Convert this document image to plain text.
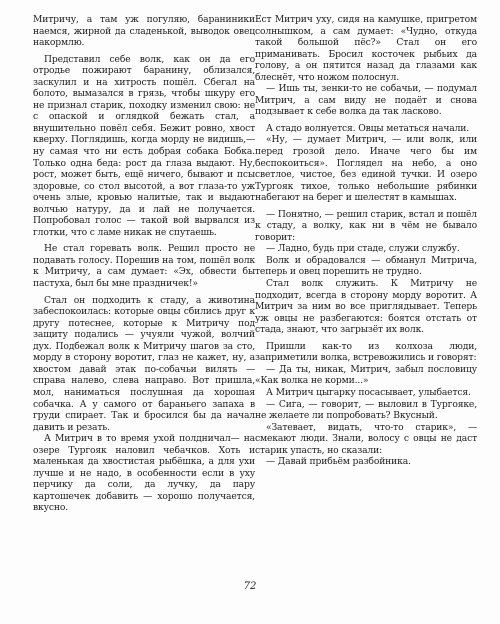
Митричу, а там уж погуляю, бараниники наемся, жирной да сладенькой, выводок овец накормлю.

Представил себе волк, как он да его отродье пожирают баранину, облизался, заскулил и на хитрость пошёл. Сбегал на болото, вымазался в грязь, чтобы шкуру его не признал старик, походку изменил свою: не с опаской и оглядкой бежать стал, а внушительно повёл себя. Бежит ровно, хвост кверху. Поглядишь, когда морду не видишь,—ну самая что ни есть добрая собака Бобка. Только одна беда: рост да глаза выдают. Ну, рост, может быть, ещё ничего, бывают и псы здоровые, со стол высотой, а вот глаза-то уж очень злые, кровью налитые, так и выдают волчью натуру, да и лай не получается. Попробовал голос — такой вой вырвался из глотки, что с ламе никак не спутаешь.

Не стал горевать волк. Решил просто не подавать голосу. Порешив на том, пошёл волк к Митричу, а сам думает: «Эх, обвести бы пастуха, был бы мне праздничек!»

Стал он подходить к стаду, а животина забеспокоилась: которые овцы сбились друг к другу потеснее, которые к Митричу под защиту подались — учуяли чужой, волчий дух. Подбежал волк к Митричу шагов за сто, морду в сторону воротит, глаз не кажет, ну, а хвостом давай этак по-собачьи вилять — справа налево, слева направо. Вот пришла, мол, наниматься послушная да хорошая собачка. А у самого от бараньего запаха в груди спирает. Так и бросился бы да начал давить и резать.

А Митрич в то время ухой полдничал— на озере Тургояк наловил чебачков. Хоть и маленькая да хвостистая рыбёшка, а для ухи лучше и не надо, в особенности если в уху перчику да соли, да лучку, да пару картошечек добавить — хорошо получается, вкусно.

Ест Митрич уху, сидя на камушке, пригретом солнышком, а сам думает: «Чудно, откуда такой большой пёс?» Стал он его приманивать. Бросил косточек рыбьих да голову, а он пятится назад да глазами как блеснёт, что ножом полоснул.

— Ишь ты, зенки-то не собачьи, — подумал Митрич, а сам виду не подаёт и снова подзывает к себе волка да так ласково.

А стадо волнуется. Овцы метаться начали.

«Ну, — думает Митрич, — или волк, или перед грозой дело. Иначе чего бы им беспокоиться». Поглядел на небо, а оно светлое, чистое, без единой тучки. И озеро Тургояк тихое, только небольшие рябинки набегают на берег и шелестят в камышах.

— Понятно, — решил старик, встал и пошёл к стаду, а волку, как ни в чём не бывало говорит:

— Ладно, будь при стаде, служи службу.

Волк и обрадовался — обманул Митрича, теперь и овец порешить не трудно.

Стал волк служить. К Митричу не подходит, всегда в сторону морду воротит. А Митрич за ним во все приглядывает. Теперь уж овцы не разбегаются: боятся отстать от стада, знают, что загрызёт их волк.

Пришли как-то из колхоза люди, заприметили волка, встревожились и говорят:

— Да ты, никак, Митрич, забыл пословицу «Как волка не корми...»

А Митрич цыгарку посасывает, улыбается.

— Сига, — говорит, — выловил в Тургояке, не желаете ли попробовать? Вкусный.

«Затевает, видать, что-то старик», — смекают люди. Знали, волосу с овцы не даст старик упасть, но сказали:

— Давай прибьём разбойника.

72
